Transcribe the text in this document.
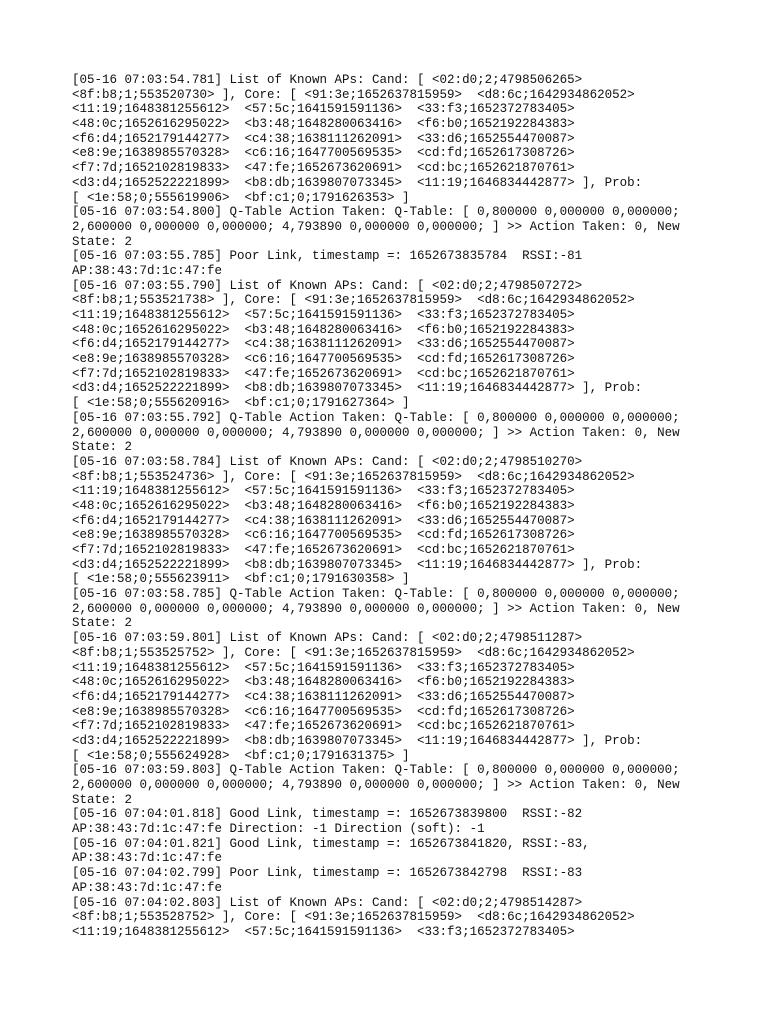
[05-16 07:03:54.781] List of Known APs: Cand: [ <02:d0;2;4798506265>
<8f:b8;1;553520730> ], Core: [ <91:3e;1652637815959>  <d8:6c;1642934862052>
<11:19;1648381255612>  <57:5c;1641591591136>  <33:f3;1652372783405>
<48:0c;1652616295022>  <b3:48;1648280063416>  <f6:b0;1652192284383>
<f6:d4;1652179144277>  <c4:38;1638111262091>  <33:d6;1652554470087>
<e8:9e;1638985570328>  <c6:16;1647700569535>  <cd:fd;1652617308726>
<f7:7d;1652102819833>  <47:fe;1652673620691>  <cd:bc;1652621870761>
<d3:d4;1652522221899>  <b8:db;1639807073345>  <11:19;1646834442877> ], Prob:
[ <1e:58;0;555619906>  <bf:c1;0;1791626353> ]
[05-16 07:03:54.800] Q-Table Action Taken: Q-Table: [ 0,800000 0,000000 0,000000;
2,600000 0,000000 0,000000; 4,793890 0,000000 0,000000; ] >> Action Taken: 0, New
State: 2
[05-16 07:03:55.785] Poor Link, timestamp =: 1652673835784  RSSI:-81
AP:38:43:7d:1c:47:fe
[05-16 07:03:55.790] List of Known APs: Cand: [ <02:d0;2;4798507272>
<8f:b8;1;553521738> ], Core: [ <91:3e;1652637815959>  <d8:6c;1642934862052>
<11:19;1648381255612>  <57:5c;1641591591136>  <33:f3;1652372783405>
<48:0c;1652616295022>  <b3:48;1648280063416>  <f6:b0;1652192284383>
<f6:d4;1652179144277>  <c4:38;1638111262091>  <33:d6;1652554470087>
<e8:9e;1638985570328>  <c6:16;1647700569535>  <cd:fd;1652617308726>
<f7:7d;1652102819833>  <47:fe;1652673620691>  <cd:bc;1652621870761>
<d3:d4;1652522221899>  <b8:db;1639807073345>  <11:19;1646834442877> ], Prob:
[ <1e:58;0;555620916>  <bf:c1;0;1791627364> ]
[05-16 07:03:55.792] Q-Table Action Taken: Q-Table: [ 0,800000 0,000000 0,000000;
2,600000 0,000000 0,000000; 4,793890 0,000000 0,000000; ] >> Action Taken: 0, New
State: 2
[05-16 07:03:58.784] List of Known APs: Cand: [ <02:d0;2;4798510270>
<8f:b8;1;553524736> ], Core: [ <91:3e;1652637815959>  <d8:6c;1642934862052>
<11:19;1648381255612>  <57:5c;1641591591136>  <33:f3;1652372783405>
<48:0c;1652616295022>  <b3:48;1648280063416>  <f6:b0;1652192284383>
<f6:d4;1652179144277>  <c4:38;1638111262091>  <33:d6;1652554470087>
<e8:9e;1638985570328>  <c6:16;1647700569535>  <cd:fd;1652617308726>
<f7:7d;1652102819833>  <47:fe;1652673620691>  <cd:bc;1652621870761>
<d3:d4;1652522221899>  <b8:db;1639807073345>  <11:19;1646834442877> ], Prob:
[ <1e:58;0;555623911>  <bf:c1;0;1791630358> ]
[05-16 07:03:58.785] Q-Table Action Taken: Q-Table: [ 0,800000 0,000000 0,000000;
2,600000 0,000000 0,000000; 4,793890 0,000000 0,000000; ] >> Action Taken: 0, New
State: 2
[05-16 07:03:59.801] List of Known APs: Cand: [ <02:d0;2;4798511287>
<8f:b8;1;553525752> ], Core: [ <91:3e;1652637815959>  <d8:6c;1642934862052>
<11:19;1648381255612>  <57:5c;1641591591136>  <33:f3;1652372783405>
<48:0c;1652616295022>  <b3:48;1648280063416>  <f6:b0;1652192284383>
<f6:d4;1652179144277>  <c4:38;1638111262091>  <33:d6;1652554470087>
<e8:9e;1638985570328>  <c6:16;1647700569535>  <cd:fd;1652617308726>
<f7:7d;1652102819833>  <47:fe;1652673620691>  <cd:bc;1652621870761>
<d3:d4;1652522221899>  <b8:db;1639807073345>  <11:19;1646834442877> ], Prob:
[ <1e:58;0;555624928>  <bf:c1;0;1791631375> ]
[05-16 07:03:59.803] Q-Table Action Taken: Q-Table: [ 0,800000 0,000000 0,000000;
2,600000 0,000000 0,000000; 4,793890 0,000000 0,000000; ] >> Action Taken: 0, New
State: 2
[05-16 07:04:01.818] Good Link, timestamp =: 1652673839800  RSSI:-82
AP:38:43:7d:1c:47:fe Direction: -1 Direction (soft): -1
[05-16 07:04:01.821] Good Link, timestamp =: 1652673841820, RSSI:-83,
AP:38:43:7d:1c:47:fe
[05-16 07:04:02.799] Poor Link, timestamp =: 1652673842798  RSSI:-83
AP:38:43:7d:1c:47:fe
[05-16 07:04:02.803] List of Known APs: Cand: [ <02:d0;2;4798514287>
<8f:b8;1;553528752> ], Core: [ <91:3e;1652637815959>  <d8:6c;1642934862052>
<11:19;1648381255612>  <57:5c;1641591591136>  <33:f3;1652372783405>
